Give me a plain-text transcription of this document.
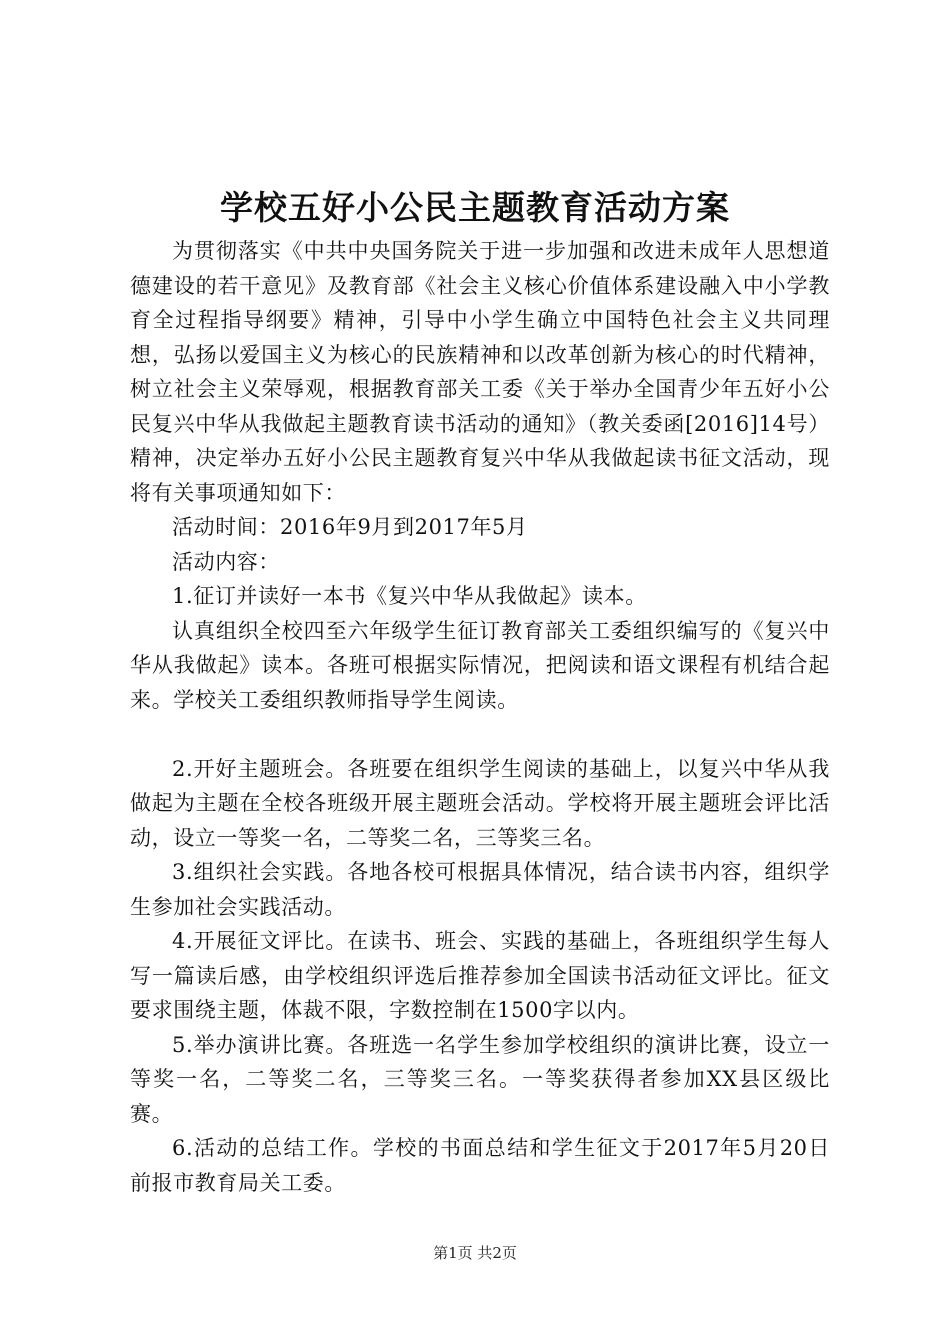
学校五好小公民主题教育活动方案

为贯彻落实《中共中央国务院关于进一步加强和改进未成年人思想道德建设的若干意见》及教育部《社会主义核心价值体系建设融入中小学教育全过程指导纲要》精神，引导中小学生确立中国特色社会主义共同理想，弘扬以爱国主义为核心的民族精神和以改革创新为核心的时代精神，树立社会主义荣辱观，根据教育部关工委《关于举办全国青少年五好小公民复兴中华从我做起主题教育读书活动的通知》（教关委函[2016]14号）精神，决定举办五好小公民主题教育复兴中华从我做起读书征文活动，现将有关事项通知如下：

活动时间：2016年9月到2017年5月

活动内容：

1.征订并读好一本书《复兴中华从我做起》读本。

认真组织全校四至六年级学生征订教育部关工委组织编写的《复兴中华从我做起》读本。各班可根据实际情况，把阅读和语文课程有机结合起来。学校关工委组织教师指导学生阅读。

2.开好主题班会。各班要在组织学生阅读的基础上，以复兴中华从我做起为主题在全校各班级开展主题班会活动。学校将开展主题班会评比活动，设立一等奖一名，二等奖二名，三等奖三名。

3.组织社会实践。各地各校可根据具体情况，结合读书内容，组织学生参加社会实践活动。

4.开展征文评比。在读书、班会、实践的基础上，各班组织学生每人写一篇读后感，由学校组织评选后推荐参加全国读书活动征文评比。征文要求围绕主题，体裁不限，字数控制在1500字以内。

5.举办演讲比赛。各班选一名学生参加学校组织的演讲比赛，设立一等奖一名，二等奖二名，三等奖三名。一等奖获得者参加XX县区级比赛。

6.活动的总结工作。学校的书面总结和学生征文于2017年5月20日前报市教育局关工委。

第1页 共2页
